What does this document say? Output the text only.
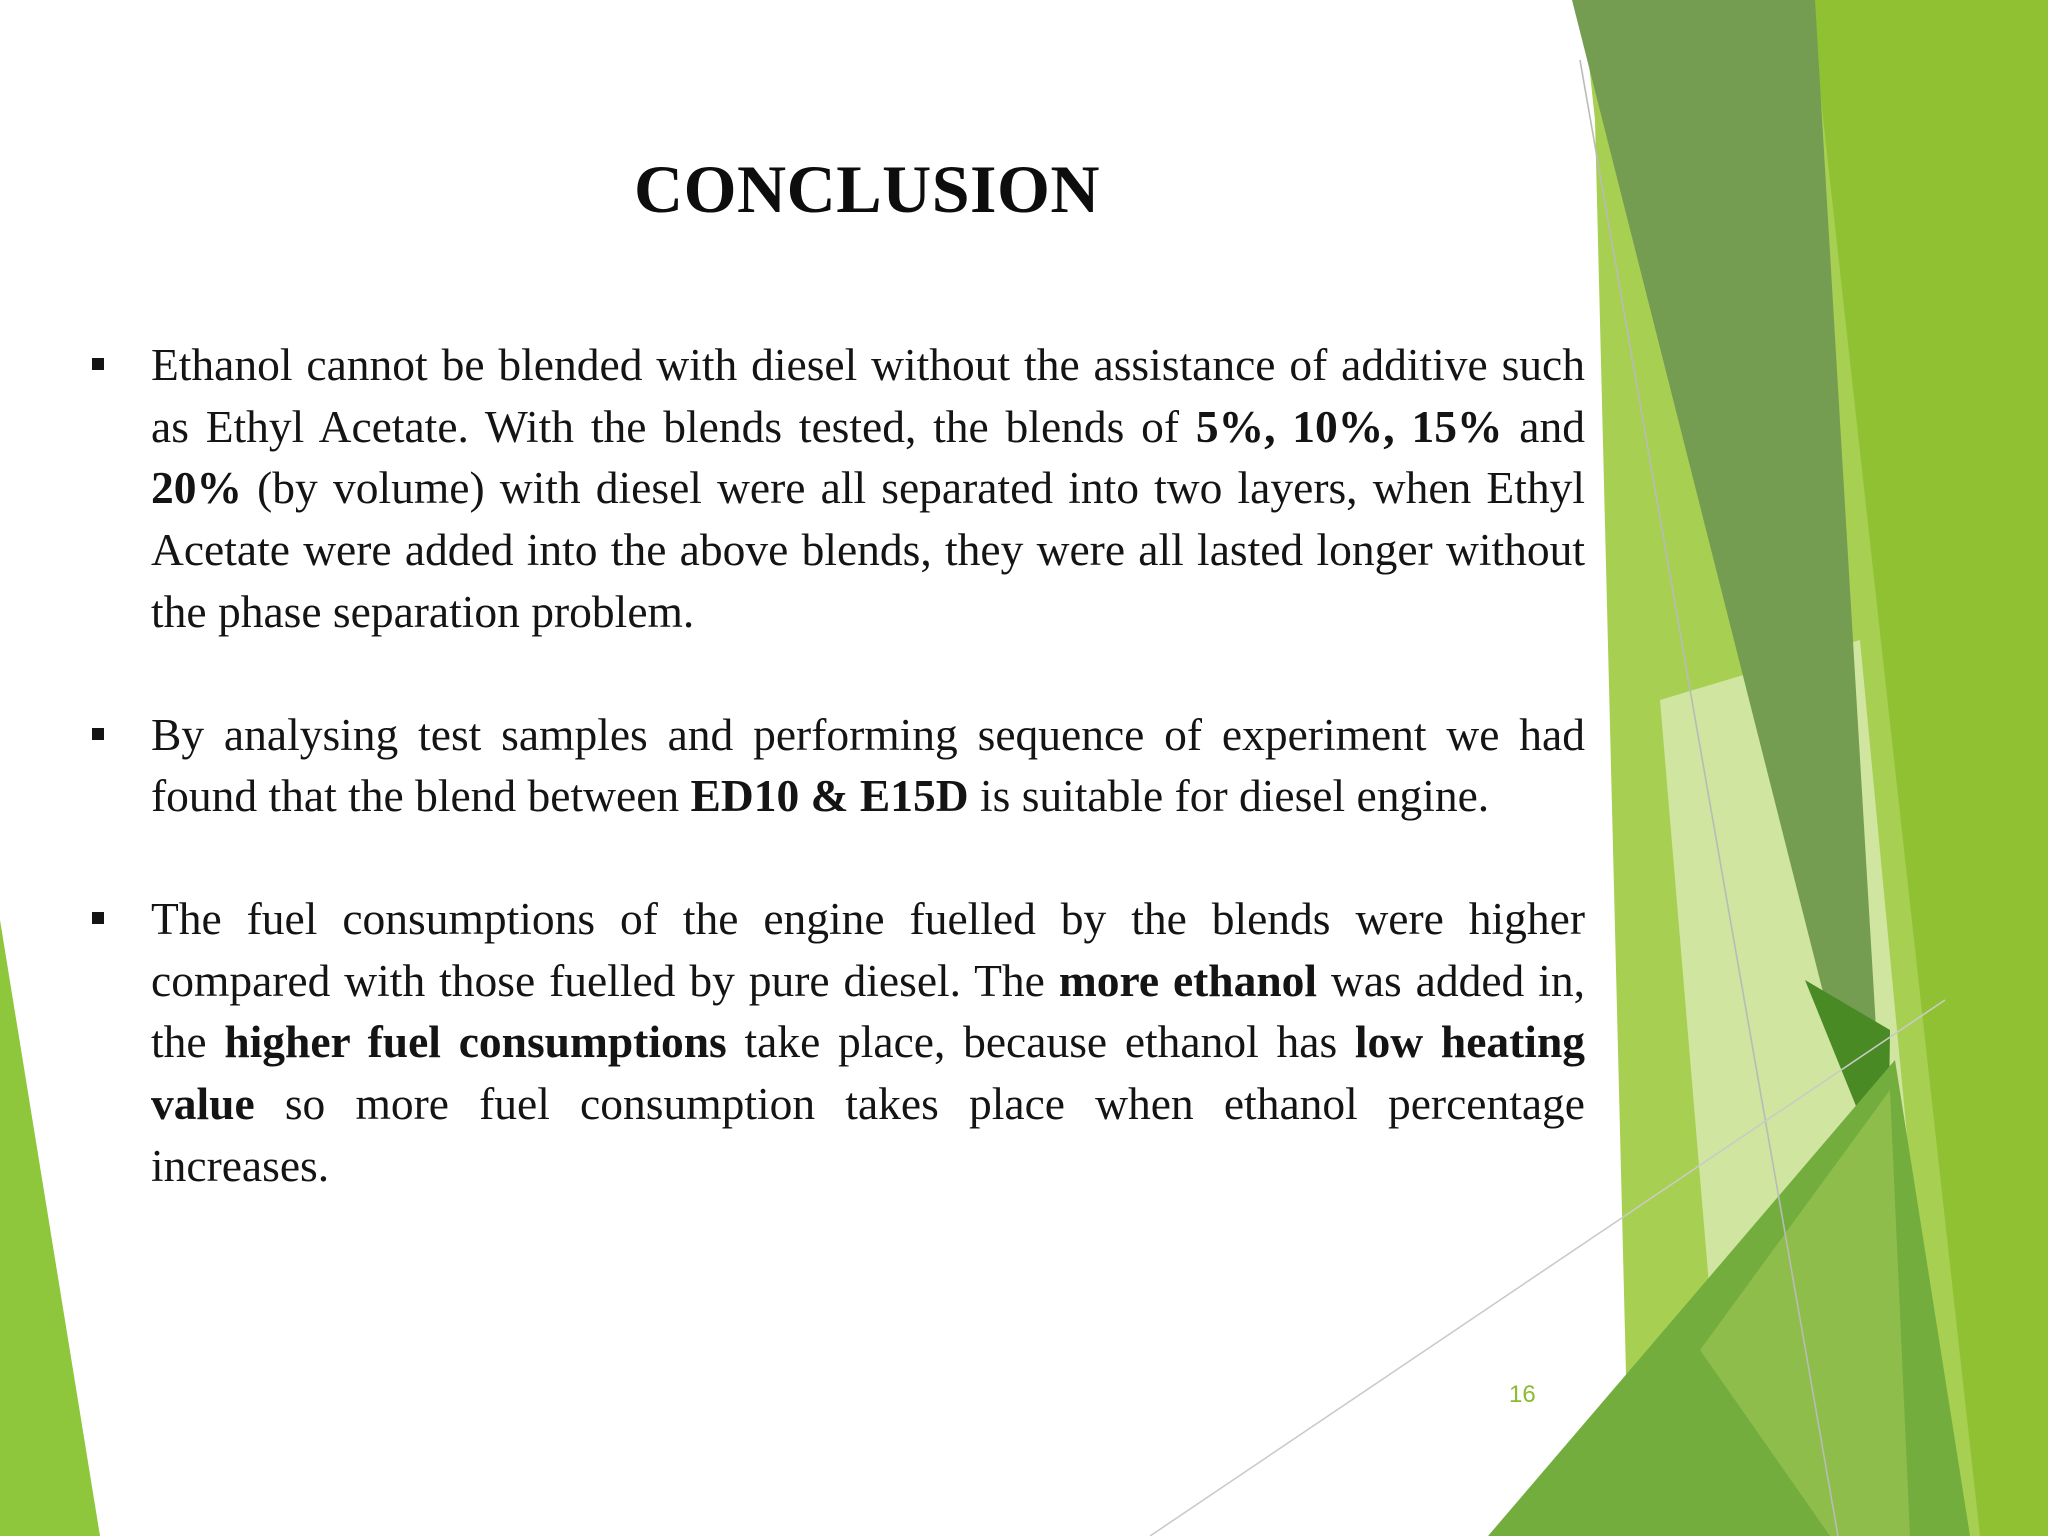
CONCLUSION
Ethanol cannot be blended with diesel without the assistance of additive such as Ethyl Acetate. With the blends tested, the blends of 5%, 10%, 15% and 20% (by volume) with diesel were all separated into two layers, when Ethyl Acetate were added into the above blends, they were all lasted longer without the phase separation problem.
By analysing test samples and performing sequence of experiment we had found that the blend between ED10 & E15D is suitable for diesel engine.
The fuel consumptions of the engine fuelled by the blends were higher compared with those fuelled by pure diesel. The more ethanol was added in, the higher fuel consumptions take place, because ethanol has low heating value so more fuel consumption takes place when ethanol percentage increases.
16
